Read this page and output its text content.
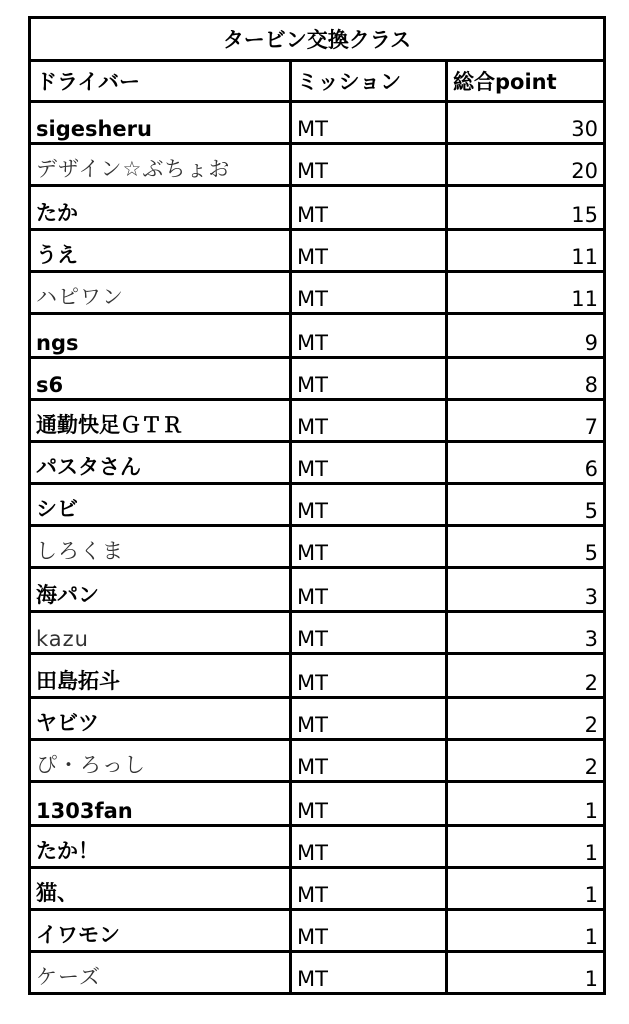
タービン交換クラス		
ドライバー	ミッション	総合point
sigesheru	MT	30
デザイン☆ぶちょお	MT	20
たか	MT	15
うえ	MT	11
ハピワン	MT	11
ngs	MT	9
s6	MT	8
通勤快足ＧＴＲ	MT	7
パスタさん	MT	6
シビ	MT	5
しろくま	MT	5
海パン	MT	3
kazu	MT	3
田島拓斗	MT	2
ヤビツ	MT	2
ぴ・ろっし	MT	2
1303fan	MT	1
たか！	MT	1
猫、	MT	1
イワモン	MT	1
ケーズ	MT	1
